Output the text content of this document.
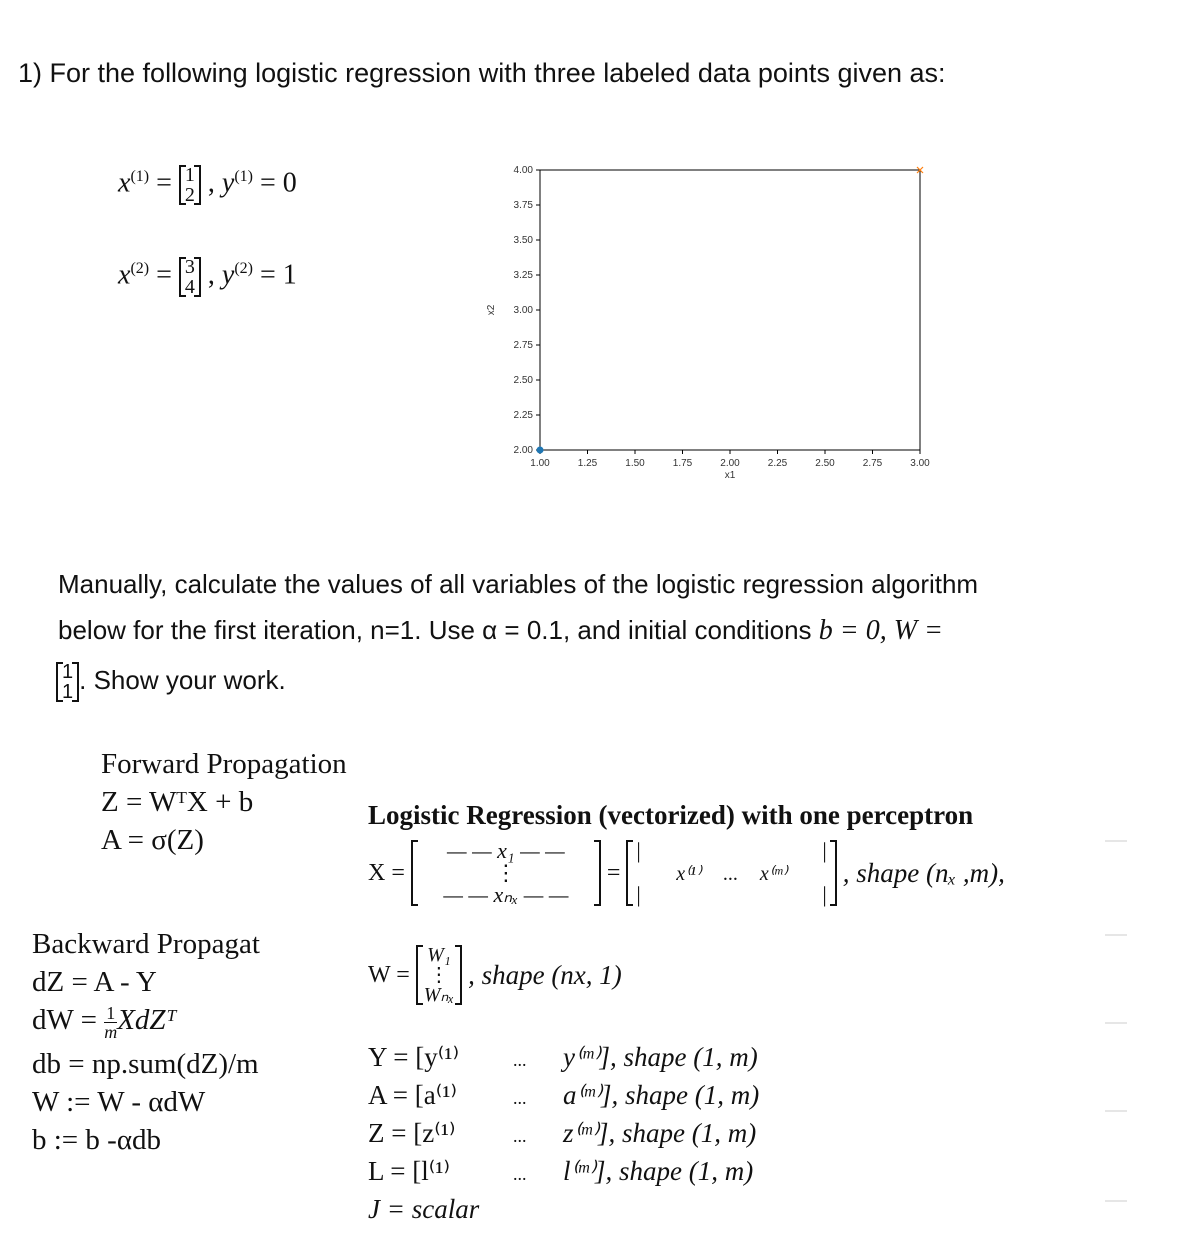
1) For the following logistic regression with three labeled data points given as:
$x^{(1)} = 1$
2 , $y^{(1)} = 0$
$x^{(2)} = 3$
4 , $y^{(2)} = 1$
1.00	1.25	1.50	1.75	2.00	2.25	2.50	2.75	3.00
4.00
3.75
3.50
3.25
3.00
2.75
2.50
2.25
2.00
x1
x2
Manually, calculate the values of all variables of the logistic regression algorithm
below for the first iteration, n=1. Use α = 0.1, and initial conditions b = 0, W =
1
1 . Show your work.
Forward Propagation
Z = WᵀX + b
A = σ(Z)
Backward Propagat
dZ = A - Y
dW = $\frac{1}{m}$ XdZᵀ
db = np.sum(dZ)/m
W := W - αdW
b := b -αdb
Logistic Regression (vectorized) with one perceptron
X =
— — x₁ — —
⋮
— — xₙₓ — —
=
|                                 |
x⁽¹⁾ ... x⁽ᵐ⁾
|                                 |
, shape (nₓ ,m),
W =
W₁
⋮
Wₙₓ
, shape (nx, 1)
Y = [y⁽¹⁾	... y⁽ᵐ⁾], shape (1, m)
A = [a⁽¹⁾	... a⁽ᵐ⁾], shape (1, m)
Z = [z⁽¹⁾	... z⁽ᵐ⁾], shape (1, m)
L = [l⁽¹⁾	... l⁽ᵐ⁾], shape (1, m)
J = scalar
